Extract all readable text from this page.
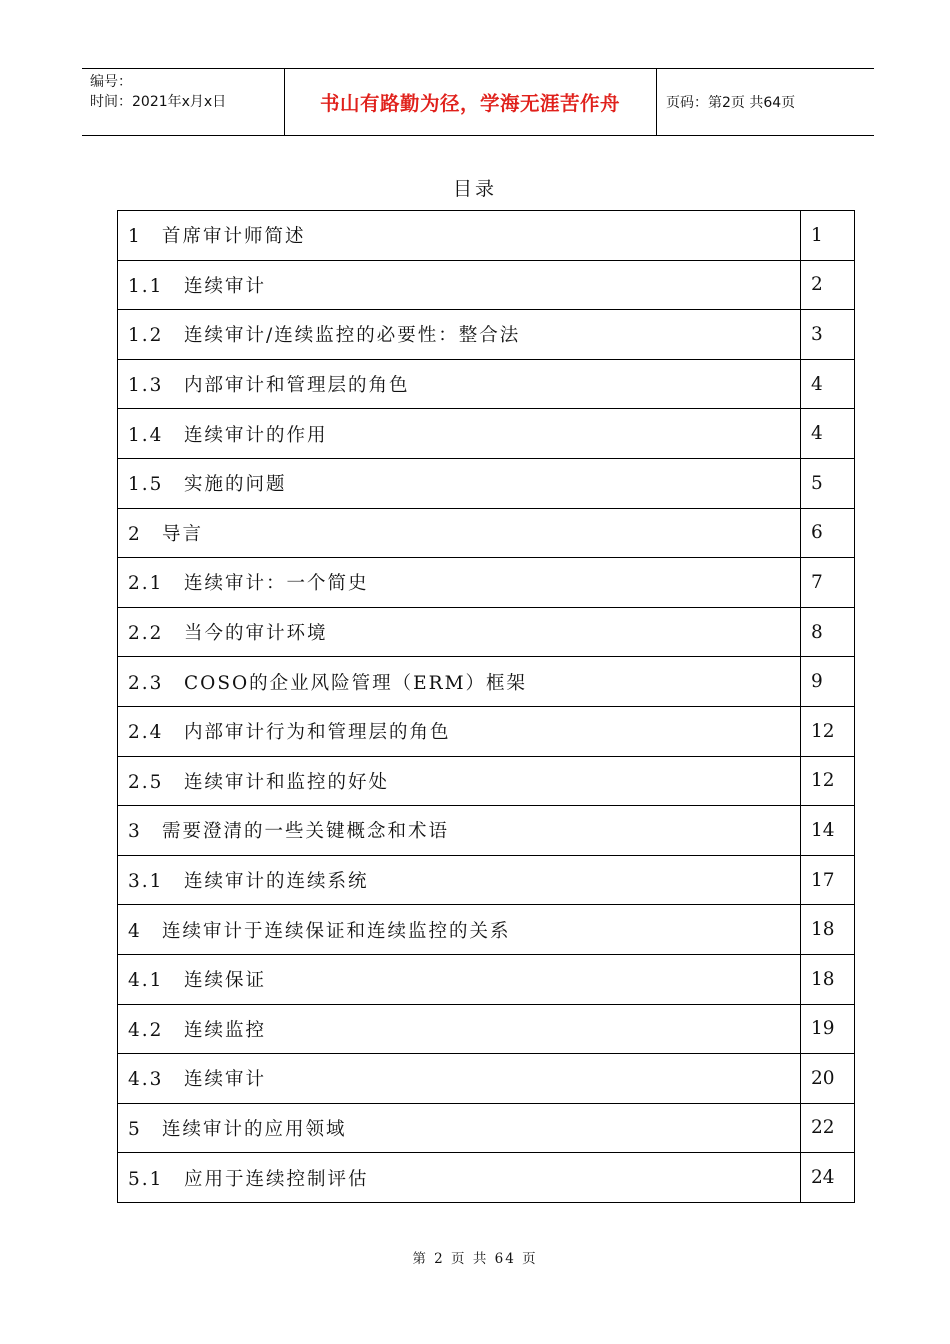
编号：
时间：2021年x月x日	书山有路勤为径，学海无涯苦作舟	页码：第2页 共64页
目录
1 首席审计师简述	1
1.1 连续审计	2
1.2 连续审计/连续监控的必要性：整合法	3
1.3 内部审计和管理层的角色	4
1.4 连续审计的作用	4
1.5 实施的问题	5
2 导言	6
2.1 连续审计：一个简史	7
2.2 当今的审计环境	8
2.3 COSO的企业风险管理（ERM）框架	9
2.4 内部审计行为和管理层的角色	12
2.5 连续审计和监控的好处	12
3 需要澄清的一些关键概念和术语	14
3.1 连续审计的连续系统	17
4 连续审计于连续保证和连续监控的关系	18
4.1 连续保证	18
4.2 连续监控	19
4.3 连续审计	20
5 连续审计的应用领域	22
5.1 应用于连续控制评估	24
第 2 页 共 64 页
